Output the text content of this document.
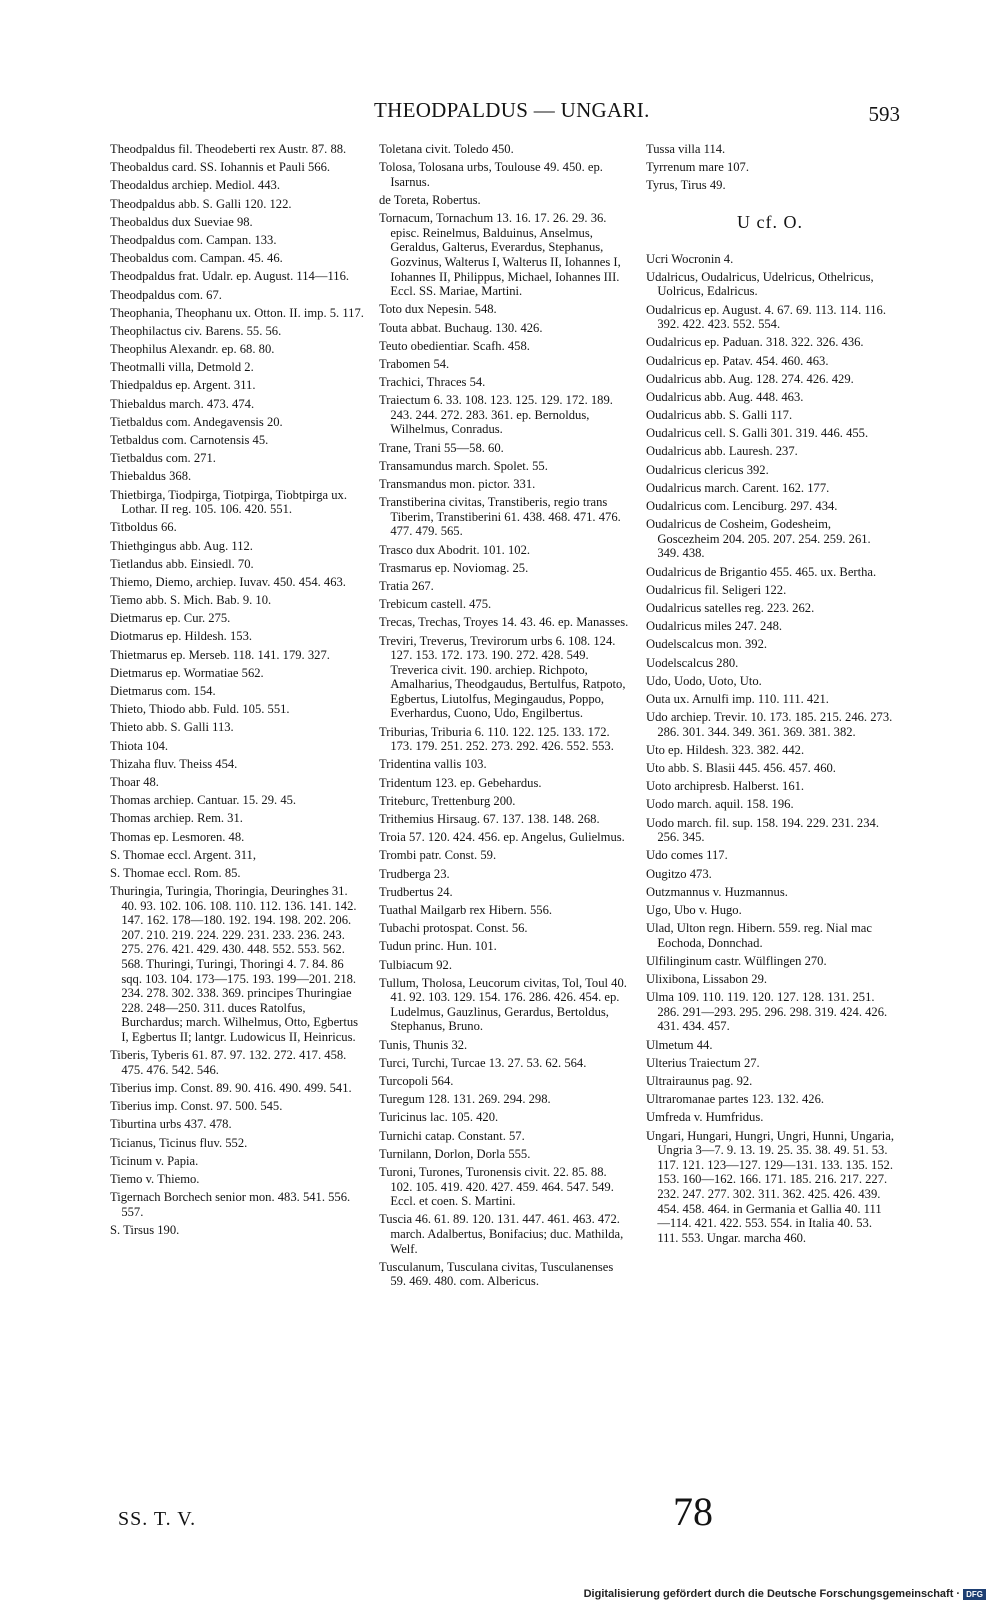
THEODPALDUS — UNGARI.	593
Theodpaldus fil. Theodeberti rex Austr. 87. 88.
Theobaldus card. SS. Iohannis et Pauli 566.
Theodaldus archiep. Mediol. 443.
Theodpaldus abb. S. Galli 120. 122.
Theobaldus dux Sueviae 98.
Theodpaldus com. Campan. 133.
Theobaldus com. Campan. 45. 46.
Theodpaldus frat. Udalr. ep. August. 114—116.
Theodpaldus com. 67.
Theophania, Theophanu ux. Otton. II. imp. 5. 117.
Theophilactus civ. Barens. 55. 56.
Theophilus Alexandr. ep. 68. 80.
Theotmalli villa, Detmold 2.
Thiedpaldus ep. Argent. 311.
Thiebaldus march. 473. 474.
Tietbaldus com. Andegavensis 20.
Tetbaldus com. Carnotensis 45.
Tietbaldus com. 271.
Thiebaldus 368.
Thietbirga, Tiodpirga, Tiotpirga, Tiobtpirga ux. Lothar. II reg. 105. 106. 420. 551.
Titboldus 66.
Thiethgingus abb. Aug. 112.
Tietlandus abb. Einsiedl. 70.
Thiemo, Diemo, archiep. Iuvav. 450. 454. 463.
Tiemo abb. S. Mich. Bab. 9. 10.
Dietmarus ep. Cur. 275.
Diotmarus ep. Hildesh. 153.
Thietmarus ep. Merseb. 118. 141. 179. 327.
Dietmarus ep. Wormatiae 562.
Dietmarus com. 154.
Thieto, Thiodo abb. Fuld. 105. 551.
Thieto abb. S. Galli 113.
Thiota 104.
Thizaha fluv. Theiss 454.
Thoar 48.
Thomas archiep. Cantuar. 15. 29. 45.
Thomas archiep. Rem. 31.
Thomas ep. Lesmoren. 48.
S. Thomae eccl. Argent. 311,
S. Thomae eccl. Rom. 85.
Thuringia, Turingia, Thoringia, Deuringhes 31. 40. 93. 102. 106. 108. 110. 112. 136. 141. 142. 147. 162. 178—180. 192. 194. 198. 202. 206. 207. 210. 219. 224. 229. 231. 233. 236. 243. 275. 276. 421. 429. 430. 448. 552. 553. 562. 568. Thuringi, Turingi, Thoringi 4. 7. 84. 86 sqq. 103. 104. 173—175. 193. 199—201. 218. 234. 278. 302. 338. 369. principes Thuringiae 228. 248—250. 311. duces Ratolfus, Burchardus; march. Wilhelmus, Otto, Egbertus I, Egbertus II; lantgr. Ludowicus II, Heinricus.
Tiberis, Tyberis 61. 87. 97. 132. 272. 417. 458. 475. 476. 542. 546.
Tiberius imp. Const. 89. 90. 416. 490. 499. 541.
Tiberius imp. Const. 97. 500. 545.
Tiburtina urbs 437. 478.
Ticianus, Ticinus fluv. 552.
Ticinum v. Papia.
Tiemo v. Thiemo.
Tigernach Borchech senior mon. 483. 541. 556. 557.
S. Tirsus 190.
Toletana civit. Toledo 450.
Tolosa, Tolosana urbs, Toulouse 49. 450. ep. Isarnus.
de Toreta, Robertus.
Tornacum, Tornachum 13. 16. 17. 26. 29. 36. episc. Reinelmus, Balduinus, Anselmus, Geraldus, Galterus, Everardus, Stephanus, Gozvinus, Walterus I, Walterus II, Iohannes I, Iohannes II, Philippus, Michael, Iohannes III. Eccl. SS. Mariae, Martini.
Toto dux Nepesin. 548.
Touta abbat. Buchaug. 130. 426.
Teuto obedientiar. Scafh. 458.
Trabomen 54.
Trachici, Thraces 54.
Traiectum 6. 33. 108. 123. 125. 129. 172. 189. 243. 244. 272. 283. 361. ep. Bernoldus, Wilhelmus, Conradus.
Trane, Trani 55—58. 60.
Transamundus march. Spolet. 55.
Transmandus mon. pictor. 331.
Transtiberina civitas, Transtiberis, regio trans Tiberim, Transtiberini 61. 438. 468. 471. 476. 477. 479. 565.
Trasco dux Abodrit. 101. 102.
Trasmarus ep. Noviomag. 25.
Tratia 267.
Trebicum castell. 475.
Trecas, Trechas, Troyes 14. 43. 46. ep. Manasses.
Treviri, Treverus, Trevirorum urbs 6. 108. 124. 127. 153. 172. 173. 190. 272. 428. 549. Treverica civit. 190. archiep. Richpoto, Amalharius, Theodgaudus, Bertulfus, Ratpoto, Egbertus, Liutolfus, Megingaudus, Poppo, Everhardus, Cuono, Udo, Engilbertus.
Triburias, Triburia 6. 110. 122. 125. 133. 172. 173. 179. 251. 252. 273. 292. 426. 552. 553.
Tridentina vallis 103.
Tridentum 123. ep. Gebehardus.
Triteburc, Trettenburg 200.
Trithemius Hirsaug. 67. 137. 138. 148. 268.
Troia 57. 120. 424. 456. ep. Angelus, Gulielmus.
Trombi patr. Const. 59.
Trudberga 23.
Trudbertus 24.
Tuathal Mailgarb rex Hibern. 556.
Tubachi protospat. Const. 56.
Tudun princ. Hun. 101.
Tulbiacum 92.
Tullum, Tholosa, Leucorum civitas, Tol, Toul 40. 41. 92. 103. 129. 154. 176. 286. 426. 454. ep. Ludelmus, Gauzlinus, Gerardus, Bertoldus, Stephanus, Bruno.
Tunis, Thunis 32.
Turci, Turchi, Turcae 13. 27. 53. 62. 564.
Turcopoli 564.
Turegum 128. 131. 269. 294. 298.
Turicinus lac. 105. 420.
Turnichi catap. Constant. 57.
Turnilann, Dorlon, Dorla 555.
Turoni, Turones, Turonensis civit. 22. 85. 88. 102. 105. 419. 420. 427. 459. 464. 547. 549. Eccl. et coen. S. Martini.
Tuscia 46. 61. 89. 120. 131. 447. 461. 463. 472. march. Adalbertus, Bonifacius; duc. Mathilda, Welf.
Tusculanum, Tusculana civitas, Tusculanenses 59. 469. 480. com. Albericus.
Tussa villa 114.
Tyrrenum mare 107.
Tyrus, Tirus 49.
U cf. O.
Ucri Wocronin 4.
Udalricus, Oudalricus, Udelricus, Othelricus, Uolricus, Edalricus.
Oudalricus ep. August. 4. 67. 69. 113. 114. 116. 392. 422. 423. 552. 554.
Oudalricus ep. Paduan. 318. 322. 326. 436.
Oudalricus ep. Patav. 454. 460. 463.
Oudalricus abb. Aug. 128. 274. 426. 429.
Oudalricus abb. Aug. 448. 463.
Oudalricus abb. S. Galli 117.
Oudalricus cell. S. Galli 301. 319. 446. 455.
Oudalricus abb. Lauresh. 237.
Oudalricus clericus 392.
Oudalricus march. Carent. 162. 177.
Oudalricus com. Lenciburg. 297. 434.
Oudalricus de Cosheim, Godesheim, Goscezheim 204. 205. 207. 254. 259. 261. 349. 438.
Oudalricus de Brigantio 455. 465. ux. Bertha.
Oudalricus fil. Seligeri 122.
Oudalricus satelles reg. 223. 262.
Oudalricus miles 247. 248.
Oudelscalcus mon. 392.
Uodelscalcus 280.
Udo, Uodo, Uoto, Uto.
Outa ux. Arnulfi imp. 110. 111. 421.
Udo archiep. Trevir. 10. 173. 185. 215. 246. 273. 286. 301. 344. 349. 361. 369. 381. 382.
Uto ep. Hildesh. 323. 382. 442.
Uto abb. S. Blasii 445. 456. 457. 460.
Uoto archipresb. Halberst. 161.
Uodo march. aquil. 158. 196.
Uodo march. fil. sup. 158. 194. 229. 231. 234. 256. 345.
Udo comes 117.
Ougitzo 473.
Outzmannus v. Huzmannus.
Ugo, Ubo v. Hugo.
Ulad, Ulton regn. Hibern. 559. reg. Nial mac Eochoda, Donnchad.
Ulfilinginum castr. Wülflingen 270.
Ulixibona, Lissabon 29.
Ulma 109. 110. 119. 120. 127. 128. 131. 251. 286. 291—293. 295. 296. 298. 319. 424. 426. 431. 434. 457.
Ulmetum 44.
Ulterius Traiectum 27.
Ultrairaunus pag. 92.
Ultraromanae partes 123. 132. 426.
Umfreda v. Humfridus.
Ungari, Hungari, Hungri, Ungri, Hunni, Ungaria, Ungria 3—7. 9. 13. 19. 25. 35. 38. 49. 51. 53. 117. 121. 123—127. 129—131. 133. 135. 152. 153. 160—162. 166. 171. 185. 216. 217. 227. 232. 247. 277. 302. 311. 362. 425. 426. 439. 454. 458. 464. in Germania et Gallia 40. 111—114. 421. 422. 553. 554. in Italia 40. 53. 111. 553. Ungar. marcha 460.
SS. T. V.	78
Digitalisierung gefördert durch die Deutsche Forschungsgemeinschaft · DFG
